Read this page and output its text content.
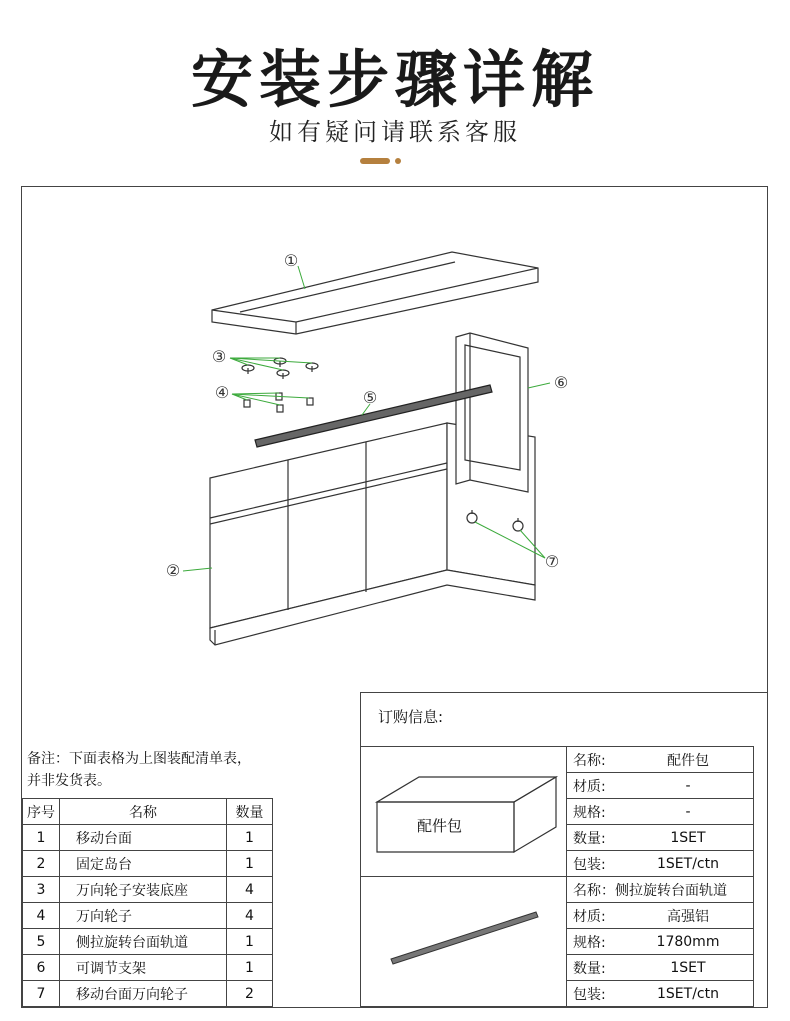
安装步骤详解
如有疑问请联系客服
①
③
④	⑤
⑥
②	⑦
订购信息:
备注：下面表格为上图装配清单表，
并非发货表。
序号	名称	数量
1	移动台面	1
2	固定岛台	1
3	万向轮子安装底座	4
4	万向轮子	4
5	侧拉旋转台面轨道	1
6	可调节支架	1
7	移动台面万向轮子	2
	名称:	配件包
	材质:	-
	规格:	-
	数量:	1SET
	包装:	1SET/ctn
	名称：侧拉旋转台面轨道	
	材质:	高强铝
	规格:	1780mm
	数量:	1SET
	包装:	1SET/ctn
配件包
